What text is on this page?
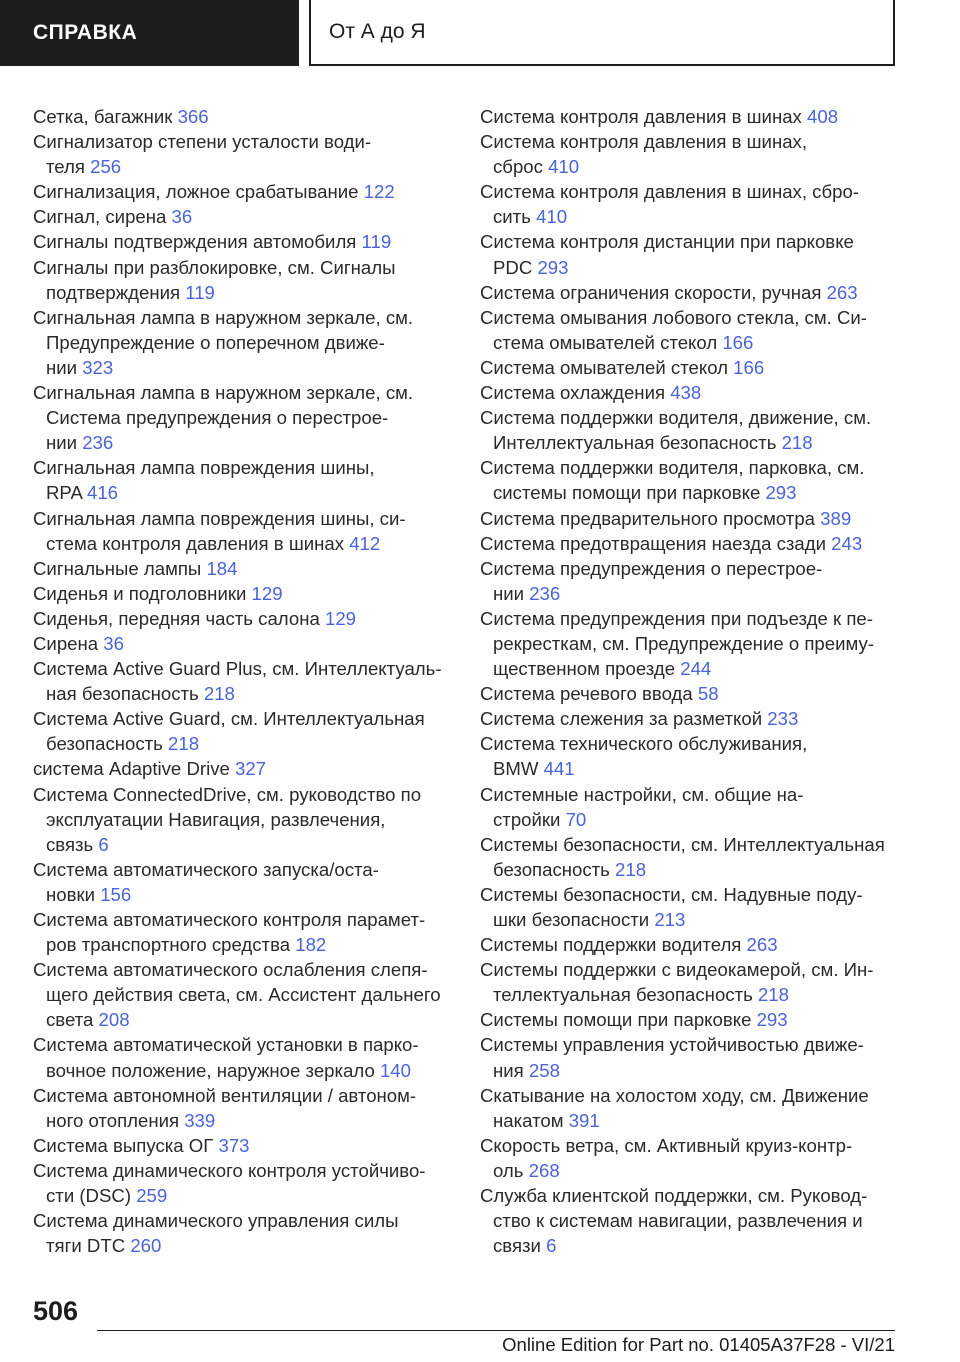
СПРАВКА	От А до Я
Сетка, багажник 366
Сигнализатор степени усталости води-
теля 256
Сигнализация, ложное срабатывание 122
Сигнал, сирена 36
Сигналы подтверждения автомобиля 119
Сигналы при разблокировке, см. Сигналы
подтверждения 119
Сигнальная лампа в наружном зеркале, см.
Предупреждение о поперечном движе-
нии 323
Сигнальная лампа в наружном зеркале, см.
Система предупреждения о перестрое-
нии 236
Сигнальная лампа повреждения шины,
RPA 416
Сигнальная лампа повреждения шины, си-
стема контроля давления в шинах 412
Сигнальные лампы 184
Сиденья и подголовники 129
Сиденья, передняя часть салона 129
Сирена 36
Система Active Guard Plus, см. Интеллектуаль-
ная безопасность 218
Система Active Guard, см. Интеллектуальная
безопасность 218
система Adaptive Drive 327
Система ConnectedDrive, см. руководство по
эксплуатации Навигация, развлечения,
связь 6
Система автоматического запуска/оста-
новки 156
Система автоматического контроля парамет-
ров транспортного средства 182
Система автоматического ослабления слепя-
щего действия света, см. Ассистент дальнего
света 208
Система автоматической установки в парко-
вочное положение, наружное зеркало 140
Система автономной вентиляции / автоном-
ного отопления 339
Система выпуска ОГ 373
Система динамического контроля устойчиво-
сти (DSC) 259
Система динамического управления силы
тяги DTC 260
Система контроля давления в шинах 408
Система контроля давления в шинах,
сброс 410
Система контроля давления в шинах, сбро-
сить 410
Система контроля дистанции при парковке
PDC 293
Система ограничения скорости, ручная 263
Система омывания лобового стекла, см. Си-
стема омывателей стекол 166
Система омывателей стекол 166
Система охлаждения 438
Система поддержки водителя, движение, см.
Интеллектуальная безопасность 218
Система поддержки водителя, парковка, см.
системы помощи при парковке 293
Система предварительного просмотра 389
Система предотвращения наезда сзади 243
Система предупреждения о перестрое-
нии 236
Система предупреждения при подъезде к пе-
рекресткам, см. Предупреждение о преиму-
щественном проезде 244
Система речевого ввода 58
Система слежения за разметкой 233
Система технического обслуживания,
BMW 441
Системные настройки, см. общие на-
стройки 70
Системы безопасности, см. Интеллектуальная
безопасность 218
Системы безопасности, см. Надувные поду-
шки безопасности 213
Системы поддержки водителя 263
Системы поддержки с видеокамерой, см. Ин-
теллектуальная безопасность 218
Системы помощи при парковке 293
Системы управления устойчивостью движе-
ния 258
Скатывание на холостом ходу, см. Движение
накатом 391
Скорость ветра, см. Активный круиз-контр-
оль 268
Служба клиентской поддержки, см. Руковод-
ство к системам навигации, развлечения и
связи 6
506
Online Edition for Part no. 01405A37F28 - VI/21
